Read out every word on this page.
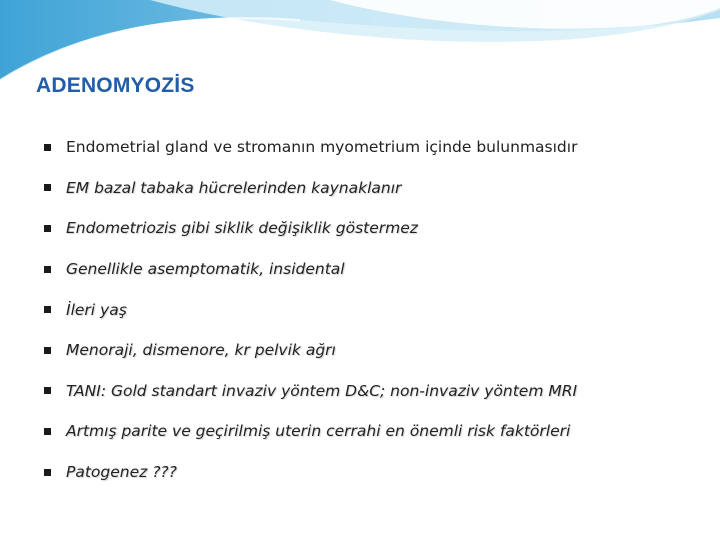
ADENOMYOZİS
Endometrial gland ve stromanın myometrium içinde bulunmasıdır
EM bazal tabaka hücrelerinden kaynaklanır
Endometriozis gibi siklik değişiklik göstermez
Genellikle asemptomatik, insidental
İleri yaş
Menoraji, dismenore, kr pelvik ağrı
TANI: Gold standart invaziv yöntem D&C; non-invaziv yöntem MRI
Artmış parite ve geçirilmiş uterin cerrahi en önemli risk faktörleri
Patogenez ???
